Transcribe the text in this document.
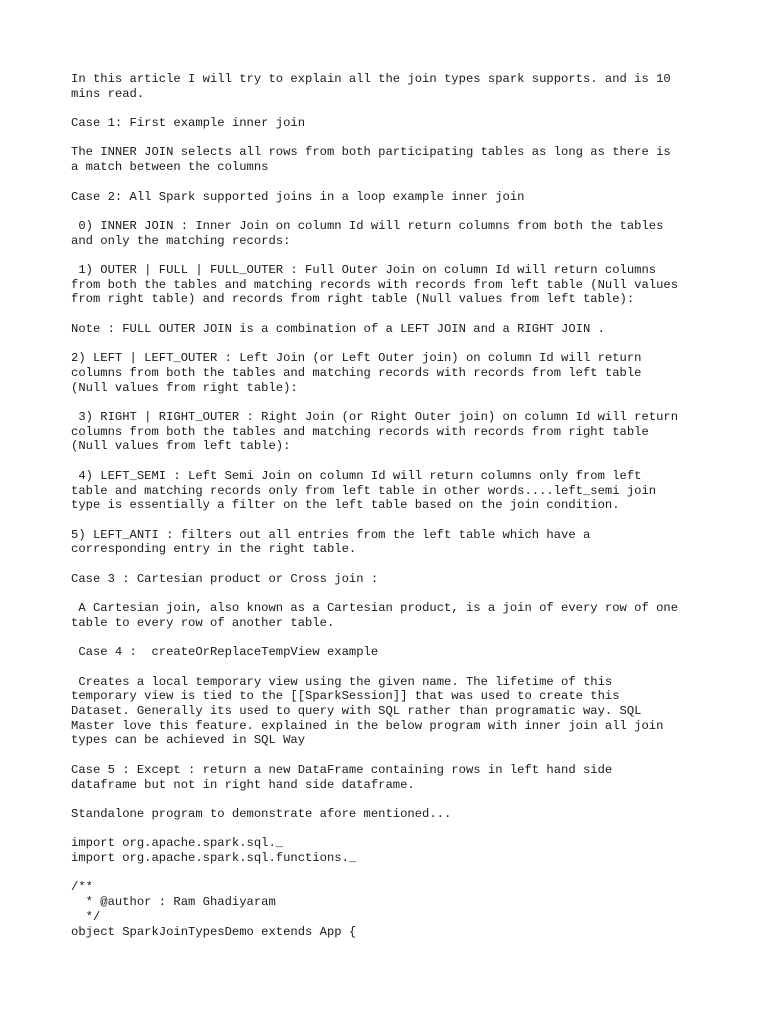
In this article I will try to explain all the join types spark supports. and is 10
mins read.

Case 1: First example inner join

The INNER JOIN selects all rows from both participating tables as long as there is
a match between the columns

Case 2: All Spark supported joins in a loop example inner join

0) INNER JOIN : Inner Join on column Id will return columns from both the tables
and only the matching records:

1) OUTER | FULL | FULL_OUTER : Full Outer Join on column Id will return columns
from both the tables and matching records with records from left table (Null values
from right table) and records from right table (Null values from left table):

Note : FULL OUTER JOIN is a combination of a LEFT JOIN and a RIGHT JOIN .

2) LEFT | LEFT_OUTER : Left Join (or Left Outer join) on column Id will return
columns from both the tables and matching records with records from left table
(Null values from right table):

3) RIGHT | RIGHT_OUTER : Right Join (or Right Outer join) on column Id will return
columns from both the tables and matching records with records from right table
(Null values from left table):

4) LEFT_SEMI : Left Semi Join on column Id will return columns only from left
table and matching records only from left table in other words....left_semi join
type is essentially a filter on the left table based on the join condition.

5) LEFT_ANTI : filters out all entries from the left table which have a
corresponding entry in the right table.

Case 3 : Cartesian product or Cross join :

A Cartesian join, also known as a Cartesian product, is a join of every row of one
table to every row of another table.

Case 4 :  createOrReplaceTempView example

Creates a local temporary view using the given name. The lifetime of this
temporary view is tied to the [[SparkSession]] that was used to create this
Dataset. Generally its used to query with SQL rather than programatic way. SQL
Master love this feature. explained in the below program with inner join all join
types can be achieved in SQL Way

Case 5 : Except : return a new DataFrame containing rows in left hand side
dataframe but not in right hand side dataframe.

Standalone program to demonstrate afore mentioned...

import org.apache.spark.sql._
import org.apache.spark.sql.functions._
/**
* @author : Ram Ghadiyaram
*/
object SparkJoinTypesDemo extends App {
